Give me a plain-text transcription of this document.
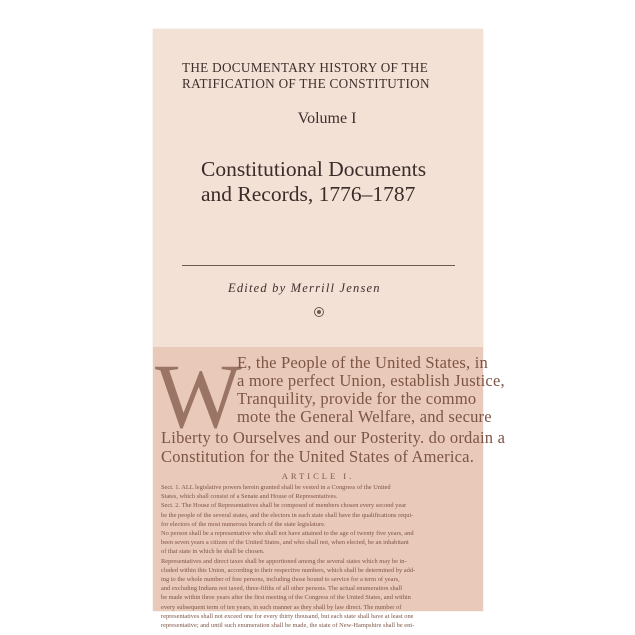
THE DOCUMENTARY HISTORY OF THE
RATIFICATION OF THE CONSTITUTION
Volume I
Constitutional Documents
and Records, 1776–1787
Edited by Merrill Jensen
W
E, the People of the United States, in
a more perfect Union, establish Justice,
Tranquility, provide for the commo
mote the General Welfare, and secure
Liberty to Ourselves and our Posterity. do ordain a
Constitution for the United States of America.
ARTICLE I.
Sect. 1. ALL legislative powers herein granted shall be vested in a Congress of the United
States, which shall consist of a Senate and House of Representatives.
Sect. 2. The House of Representatives shall be composed of members chosen every second year
be the people of the several states, and the electors in each state shall have the qualifications requi-
for electors of the most numerous branch of the state legislature.
No person shall be a representative who shall not have attained to the age of twenty five years, and
been seven years a citizen of the United States, and who shall not, when elected, be an inhabitant
of that state in which he shall be chosen.
Representatives and direct taxes shall be apportioned among the several states which may be in-
cluded within this Union, according to their respective numbers, which shall be determined by add-
ing to the whole number of free persons, including those bound to service for a term of years,
and excluding Indians not taxed, three-fifths of all other persons. The actual enumeration shall
be made within three years after the first meeting of the Congress of the United States, and within
every subsequent term of ten years, in such manner as they shall by law direct. The number of
representatives shall not exceed one for every thirty thousand, but each state shall have at least one
representative; and until such enumeration shall be made, the state of New-Hampshire shall be ent-
